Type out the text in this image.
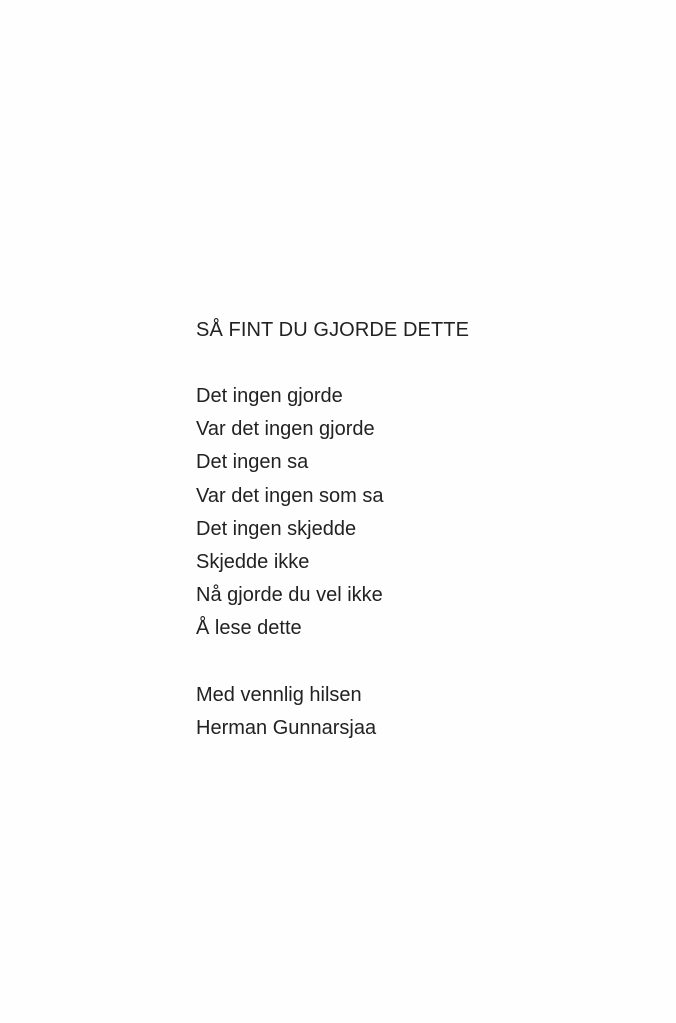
SÅ FINT DU GJORDE DETTE
Det ingen gjorde
Var det ingen gjorde
Det ingen sa
Var det ingen som sa
Det ingen skjedde
Skjedde ikke
Nå gjorde du vel ikke
Å lese dette
Med vennlig hilsen
Herman Gunnarsjaa
